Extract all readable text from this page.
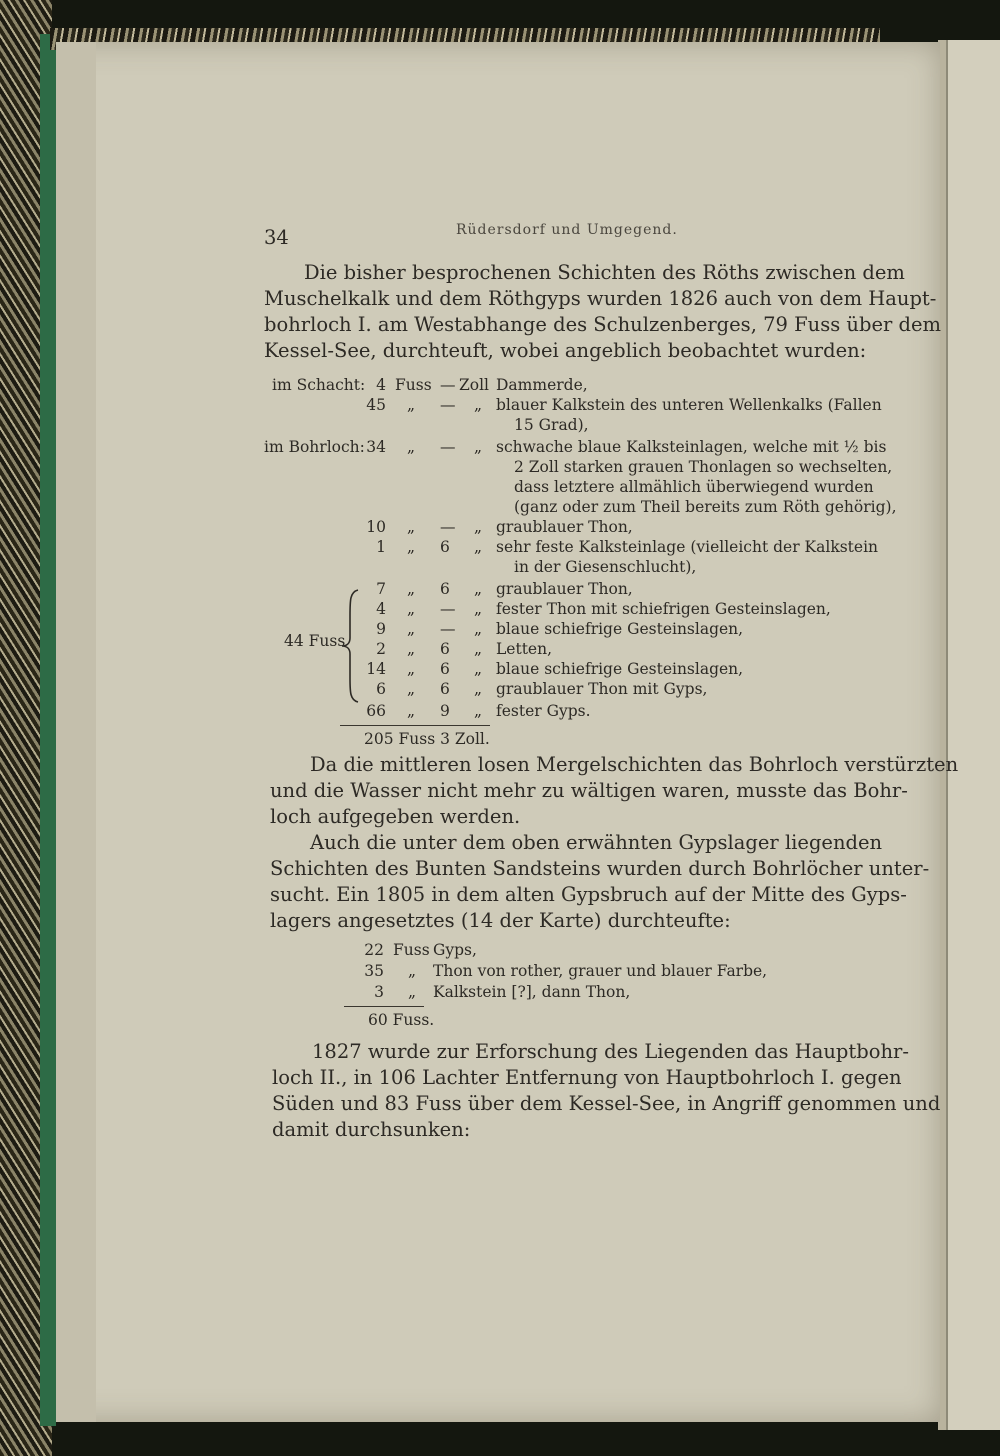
34	Rüdersdorf und Umgegend.
Die bisher besprochenen Schichten des Röths zwischen dem
Muschelkalk und dem Röthgyps wurden 1826 auch von dem Haupt-
bohrloch I. am Westabhange des Schulzenberges, 79 Fuss über dem
Kessel-See, durchteuft, wobei angeblich beobachtet wurden:
im Schacht:
im Bohrloch:
44 Fuss
4 Fuss — Zoll Dammerde,
45 „ — „ blauer Kalkstein des unteren Wellenkalks (Fallen
15 Grad),
34 „ — „ schwache blaue Kalksteinlagen, welche mit ½ bis
2 Zoll starken grauen Thonlagen so wechselten,
dass letztere allmählich überwiegend wurden
(ganz oder zum Theil bereits zum Röth gehörig),
10 „ — „ graublauer Thon,
1 „ 6 „ sehr feste Kalksteinlage (vielleicht der Kalkstein
in der Giesenschlucht),
7 „ 6 „ graublauer Thon,
4 „ — „ fester Thon mit schiefrigen Gesteinslagen,
9 „ — „ blaue schiefrige Gesteinslagen,
2 „ 6 „ Letten,
14 „ 6 „ blaue schiefrige Gesteinslagen,
6 „ 6 „ graublauer Thon mit Gyps,
66 „ 9 „ fester Gyps.
205 Fuss 3 Zoll.
Da die mittleren losen Mergelschichten das Bohrloch verstürzten
und die Wasser nicht mehr zu wältigen waren, musste das Bohr-
loch aufgegeben werden.
Auch die unter dem oben erwähnten Gypslager liegenden
Schichten des Bunten Sandsteins wurden durch Bohrlöcher unter-
sucht. Ein 1805 in dem alten Gypsbruch auf der Mitte des Gyps-
lagers angesetztes (14 der Karte) durchteufte:
22 Fuss Gyps,
35 „ Thon von rother, grauer und blauer Farbe,
3 „ Kalkstein [?], dann Thon,
60 Fuss.
1827 wurde zur Erforschung des Liegenden das Hauptbohr-
loch II., in 106 Lachter Entfernung von Hauptbohrloch I. gegen
Süden und 83 Fuss über dem Kessel-See, in Angriff genommen und
damit durchsunken:
